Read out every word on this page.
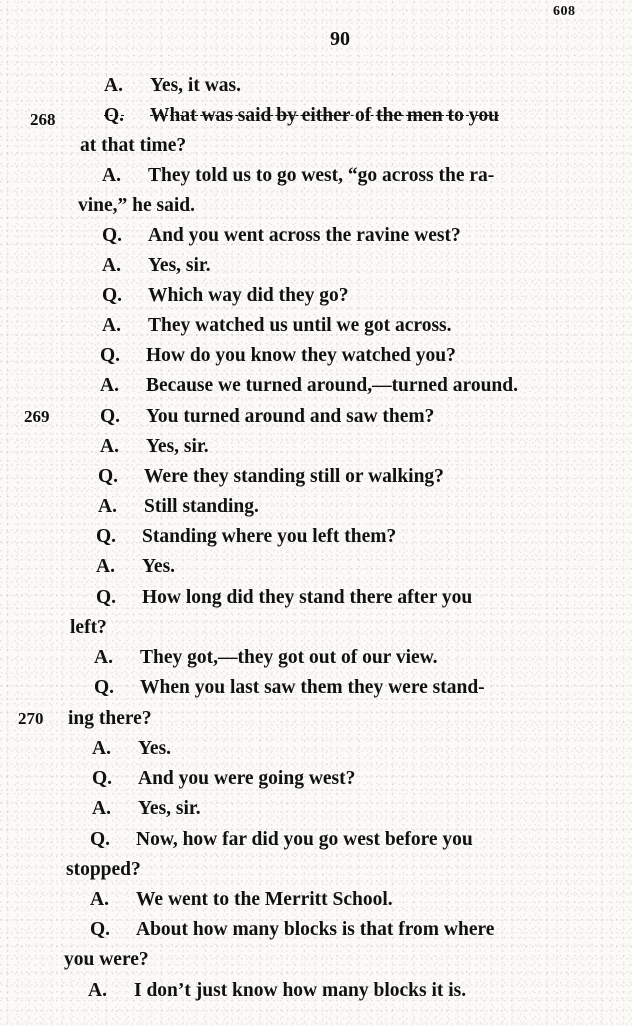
608
90
268
269
270
A. Yes, it was.
Q. What was said by either of the men to you
at that time?
A. They told us to go west, “go across the ra-
vine,” he said.
Q. And you went across the ravine west?
A. Yes, sir.
Q. Which way did they go?
A. They watched us until we got across.
Q. How do you know they watched you?
A. Because we turned around,—turned around.
Q. You turned around and saw them?
A. Yes, sir.
Q. Were they standing still or walking?
A. Still standing.
Q. Standing where you left them?
A. Yes.
Q. How long did they stand there after you
left?
A. They got,—they got out of our view.
Q. When you last saw them they were stand-
ing there?
A. Yes.
Q. And you were going west?
A. Yes, sir.
Q. Now, how far did you go west before you
stopped?
A. We went to the Merritt School.
Q. About how many blocks is that from where
you were?
A. I don’t just know how many blocks it is.
